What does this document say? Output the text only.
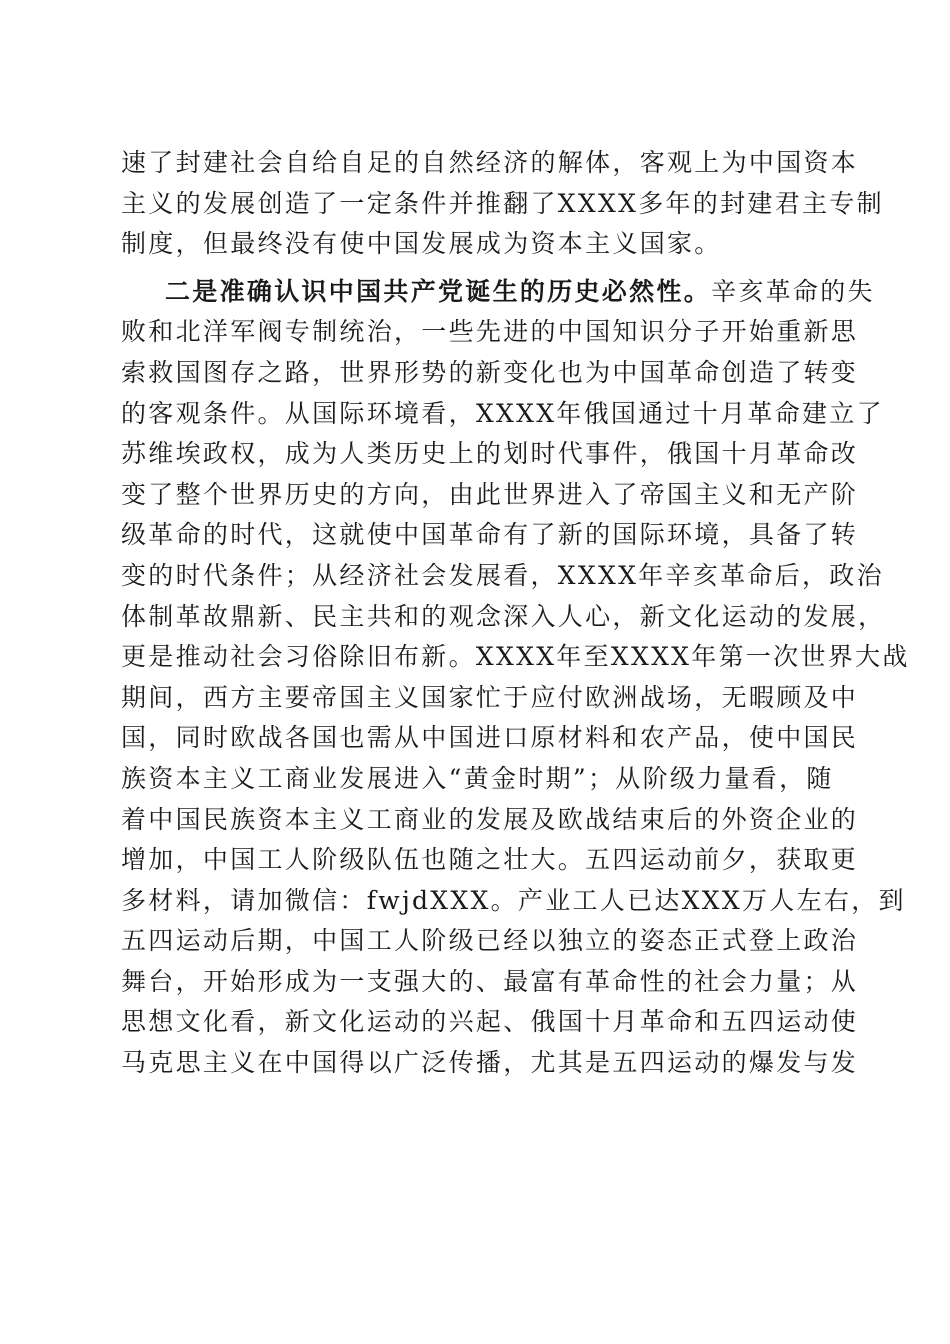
速了封建社会自给自足的自然经济的解体，客观上为中国资本
主义的发展创造了一定条件并推翻了XXXX多年的封建君主专制
制度，但最终没有使中国发展成为资本主义国家。
二是准确认识中国共产党诞生的历史必然性。辛亥革命的失
败和北洋军阀专制统治，一些先进的中国知识分子开始重新思
索救国图存之路，世界形势的新变化也为中国革命创造了转变
的客观条件。从国际环境看，XXXX年俄国通过十月革命建立了
苏维埃政权，成为人类历史上的划时代事件，俄国十月革命改
变了整个世界历史的方向，由此世界进入了帝国主义和无产阶
级革命的时代，这就使中国革命有了新的国际环境，具备了转
变的时代条件；从经济社会发展看，XXXX年辛亥革命后，政治
体制革故鼎新、民主共和的观念深入人心，新文化运动的发展，
更是推动社会习俗除旧布新。XXXX年至XXXX年第一次世界大战
期间，西方主要帝国主义国家忙于应付欧洲战场，无暇顾及中
国，同时欧战各国也需从中国进口原材料和农产品，使中国民
族资本主义工商业发展进入“黄金时期”；从阶级力量看，随
着中国民族资本主义工商业的发展及欧战结束后的外资企业的
增加，中国工人阶级队伍也随之壮大。五四运动前夕，获取更
多材料，请加微信：fwjdXXX。产业工人已达XXX万人左右，到
五四运动后期，中国工人阶级已经以独立的姿态正式登上政治
舞台，开始形成为一支强大的、最富有革命性的社会力量；从
思想文化看，新文化运动的兴起、俄国十月革命和五四运动使
马克思主义在中国得以广泛传播，尤其是五四运动的爆发与发
